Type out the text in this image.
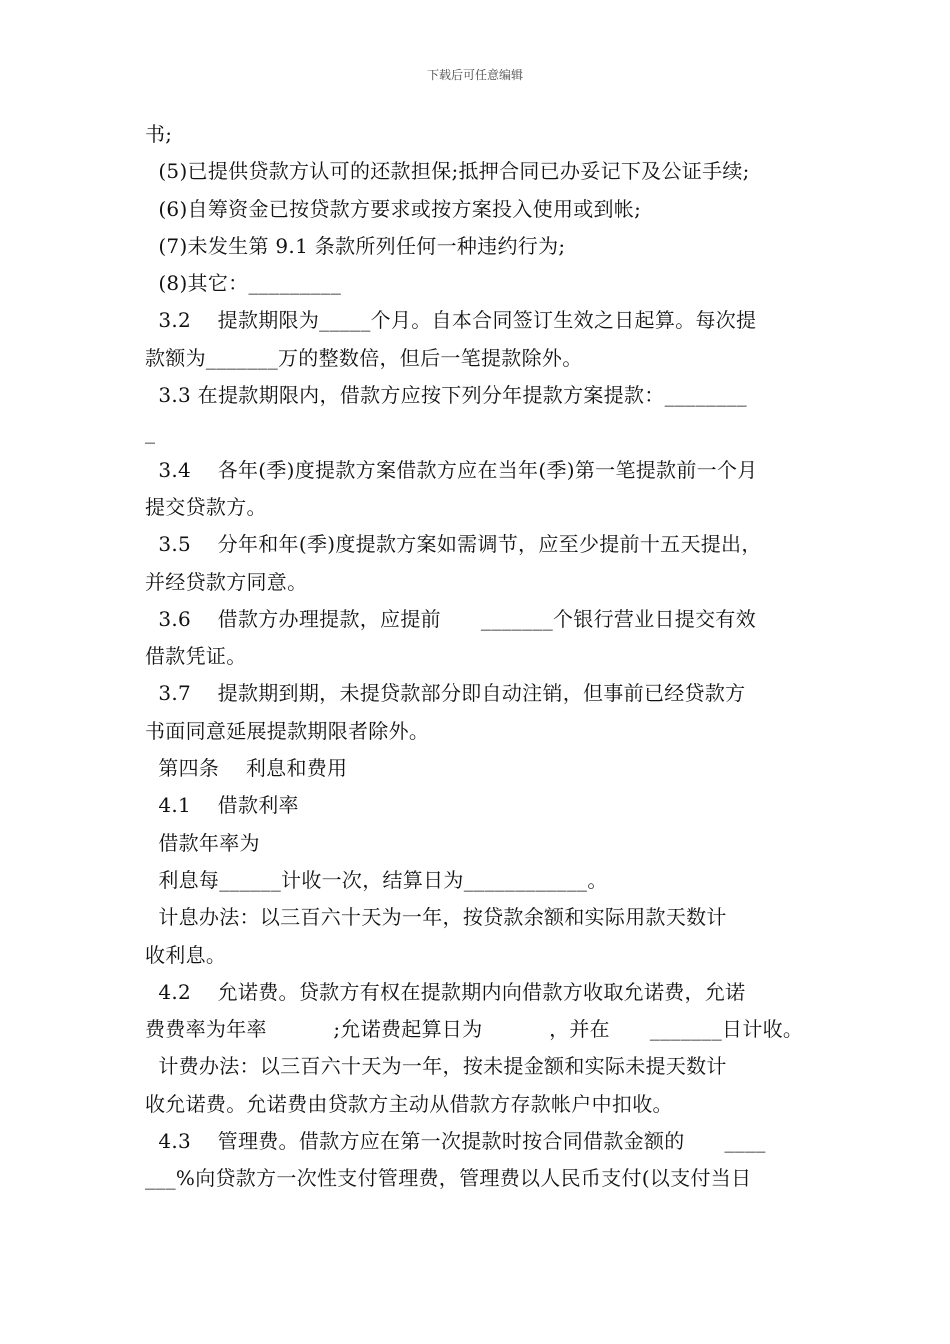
下载后可任意编辑
书;
(5)已提供贷款方认可的还款担保;抵押合同已办妥记下及公证手续;
(6)自筹资金已按贷款方要求或按方案投入使用或到帐;
(7)未发生第 9.1 条款所列任何一种违约行为;
(8)其它：_________
3.2    提款期限为_____个月。自本合同签订生效之日起算。每次提
款额为_______万的整数倍，但后一笔提款除外。
3.3 在提款期限内，借款方应按下列分年提款方案提款：________
_
3.4    各年(季)度提款方案借款方应在当年(季)第一笔提款前一个月
提交贷款方。
3.5    分年和年(季)度提款方案如需调节，应至少提前十五天提出，
并经贷款方同意。
3.6    借款方办理提款，应提前      _______个银行营业日提交有效
借款凭证。
3.7    提款期到期，未提贷款部分即自动注销，但事前已经贷款方
书面同意延展提款期限者除外。
第四条    利息和费用
4.1    借款利率
借款年率为
利息每______计收一次，结算日为____________。
计息办法：以三百六十天为一年，按贷款余额和实际用款天数计
收利息。
4.2    允诺费。贷款方有权在提款期内向借款方收取允诺费，允诺
费费率为年率          ;允诺费起算日为          ，并在      _______日计收。
计费办法：以三百六十天为一年，按未提金额和实际未提天数计
收允诺费。允诺费由贷款方主动从借款方存款帐户中扣收。
4.3    管理费。借款方应在第一次提款时按合同借款金额的      ____
___%向贷款方一次性支付管理费，管理费以人民币支付(以支付当日
